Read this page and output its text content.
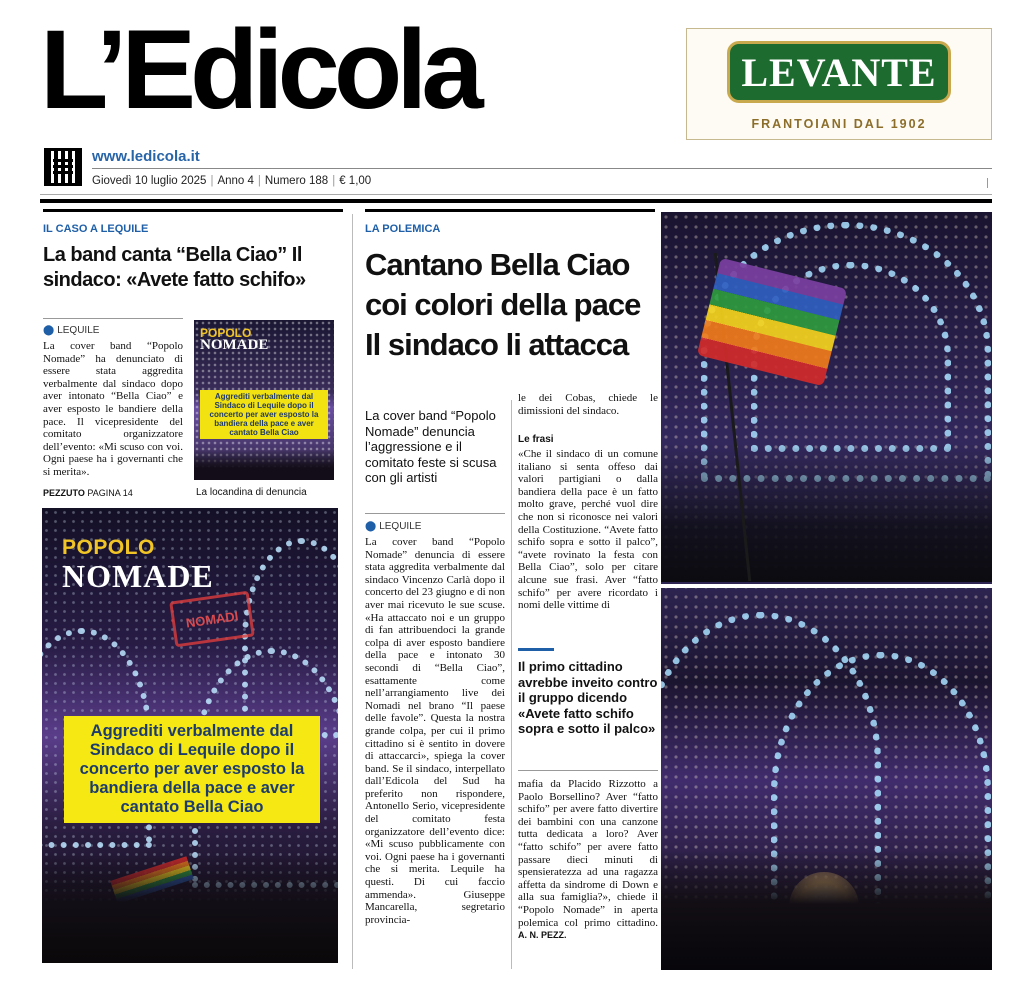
L’Edicola
www.ledicola.it
Giovedì 10 luglio 2025 | Anno 4 | Numero 188 | € 1,00
LEVANTE
FRANTOIANI DAL 1902
IL CASO A LEQUILE
La band canta “Bella Ciao” Il sindaco: «Avete fatto schifo»
⬤ LEQUILE
La cover band “Popolo Nomade” ha denunciato di essere stata aggredita verbalmente dal sindaco dopo aver intonato “Bella Ciao” e aver esposto le bandiere della pace. Il vicepresidente del comitato organizzatore dell’evento: «Mi scuso con voi. Ogni paese ha i governanti che si merita».
PEZZUTO PAGINA 14
POPOLO
NOMADE
Aggrediti verbalmente dal Sindaco di Lequile dopo il concerto per aver esposto la bandiera della pace e aver cantato Bella Ciao
La locandina di denuncia
POPOLO
NOMADE
NOMADI
Aggrediti verbalmente dal Sindaco di Lequile dopo il concerto per aver esposto la bandiera della pace e aver cantato Bella Ciao
LA POLEMICA
Cantano Bella Ciao
coi colori della pace
Il sindaco li attacca
La cover band “Popolo Nomade” denuncia l’aggressione e il comitato feste si scusa con gli artisti
⬤ LEQUILE
La cover band “Popolo Nomade” denuncia di essere stata aggredita verbalmente dal sindaco Vincenzo Carlà dopo il concerto del 23 giugno e di non aver mai ricevuto le sue scuse. «Ha attaccato noi e un gruppo di fan attribuendoci la grande colpa di aver esposto bandiere della pace e intonato 30 secondi di “Bella Ciao”, esattamente come nell’arrangiamento live dei Nomadi nel brano “Il paese delle favole”. Questa la nostra grande colpa, per cui il primo cittadino si è sentito in dovere di attaccarci», spiega la cover band. Se il sindaco, interpellato dall’Edicola del Sud ha preferito non rispondere, Antonello Serio, vicepresidente del comitato festa organizzatore dell’evento dice: «Mi scuso pubblicamente con voi. Ogni paese ha i governanti che si merita. Lequile ha questi. Di cui faccio ammenda». Giuseppe Mancarella, segretario provincia-
le dei Cobas, chiede le dimissioni del sindaco.
Le frasi
«Che il sindaco di un comune italiano si senta offeso dai valori partigiani o dalla bandiera della pace è un fatto molto grave, perché vuol dire che non si riconosce nei valori della Costituzione. “Avete fatto schifo sopra e sotto il palco”, “avete rovinato la festa con Bella Ciao”, solo per citare alcune sue frasi. Aver “fatto schifo” per avere ricordato i nomi delle vittime di
Il primo cittadino avrebbe inveito contro il gruppo dicendo «Avete fatto schifo sopra e sotto il palco»
mafia da Placido Rizzotto a Paolo Borsellino? Aver “fatto schifo” per avere fatto divertire dei bambini con una canzone tutta dedicata a loro? Aver “fatto schifo” per avere fatto passare dieci minuti di spensieratezza ad una ragazza affetta da sindrome di Down e alla sua famiglia?», chiede il “Popolo Nomade” in aperta polemica col primo cittadino. A. N. PEZZ.
